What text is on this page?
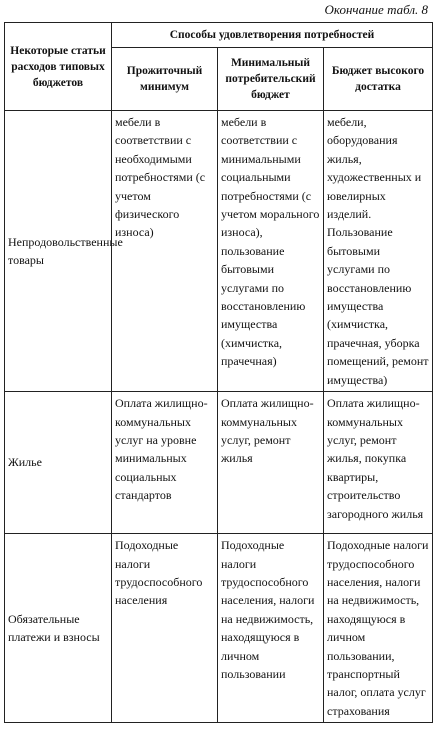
Окончание табл. 8
Некоторые статьи расходов типовых бюджетов	Способы удовлетворения потребностей		
	Прожиточный минимум	Минимальный потребительский бюджет	Бюджет высокого достатка
Непродовольственные товары	мебели в соответствии с необходимыми потребностями (с учетом физического износа)	мебели в соответствии с минимальными социальными потребностями (с учетом морального износа), пользование бытовыми услугами по восстановлению имущества (химчистка, прачечная)	мебели, оборудования жилья, художественных и ювелирных изделий. Пользование бытовыми услугами по восстановлению имущества (химчистка, прачечная, уборка помещений, ремонт имущества)
Жилье	Оплата жилищно-коммунальных услуг на уровне минимальных социальных стандартов	Оплата жилищно-коммунальных услуг, ремонт жилья	Оплата жилищно-коммунальных услуг, ремонт жилья, покупка квартиры, строительство загородного жилья
Обязательные платежи и взносы	Подоходные налоги трудоспособного населения	Подоходные налоги трудоспособного населения, налоги на недвижимость, находящуюся в личном пользовании	Подоходные налоги трудоспособного населения, налоги на недвижимость, находящуюся в личном пользовании, транспортный налог, оплата услуг страхования
